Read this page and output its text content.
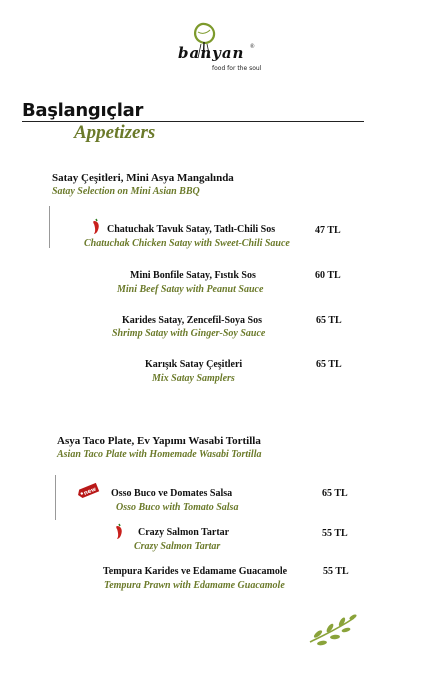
banyan ®
food for the soul
Başlangıçlar
Appetizers
Satay Çeşitleri, Mini Asya Mangalında
Satay Selection on Mini Asian BBQ
Chatuchak Tavuk Satay, Tatlı-Chili Sos	47 TL
Chatuchak Chicken Satay with Sweet-Chili Sauce
Mini Bonfile Satay, Fıstık Sos	60 TL
Mini Beef Satay with Peanut Sauce
Karides Satay, Zencefil-Soya Sos	65 TL
Shrimp Satay with Ginger-Soy Sauce
Karışık Satay Çeşitleri	65 TL
Mix Satay Samplers
Asya Taco Plate, Ev Yapımı Wasabi Tortilla
Asian Taco Plate with Homemade Wasabi Tortilla
new Osso Buco ve Domates Salsa	65 TL
Osso Buco with Tomato Salsa
Crazy Salmon Tartar	55 TL
Crazy Salmon Tartar
Tempura Karides ve Edamame Guacamole	55 TL
Tempura Prawn with Edamame Guacamole
